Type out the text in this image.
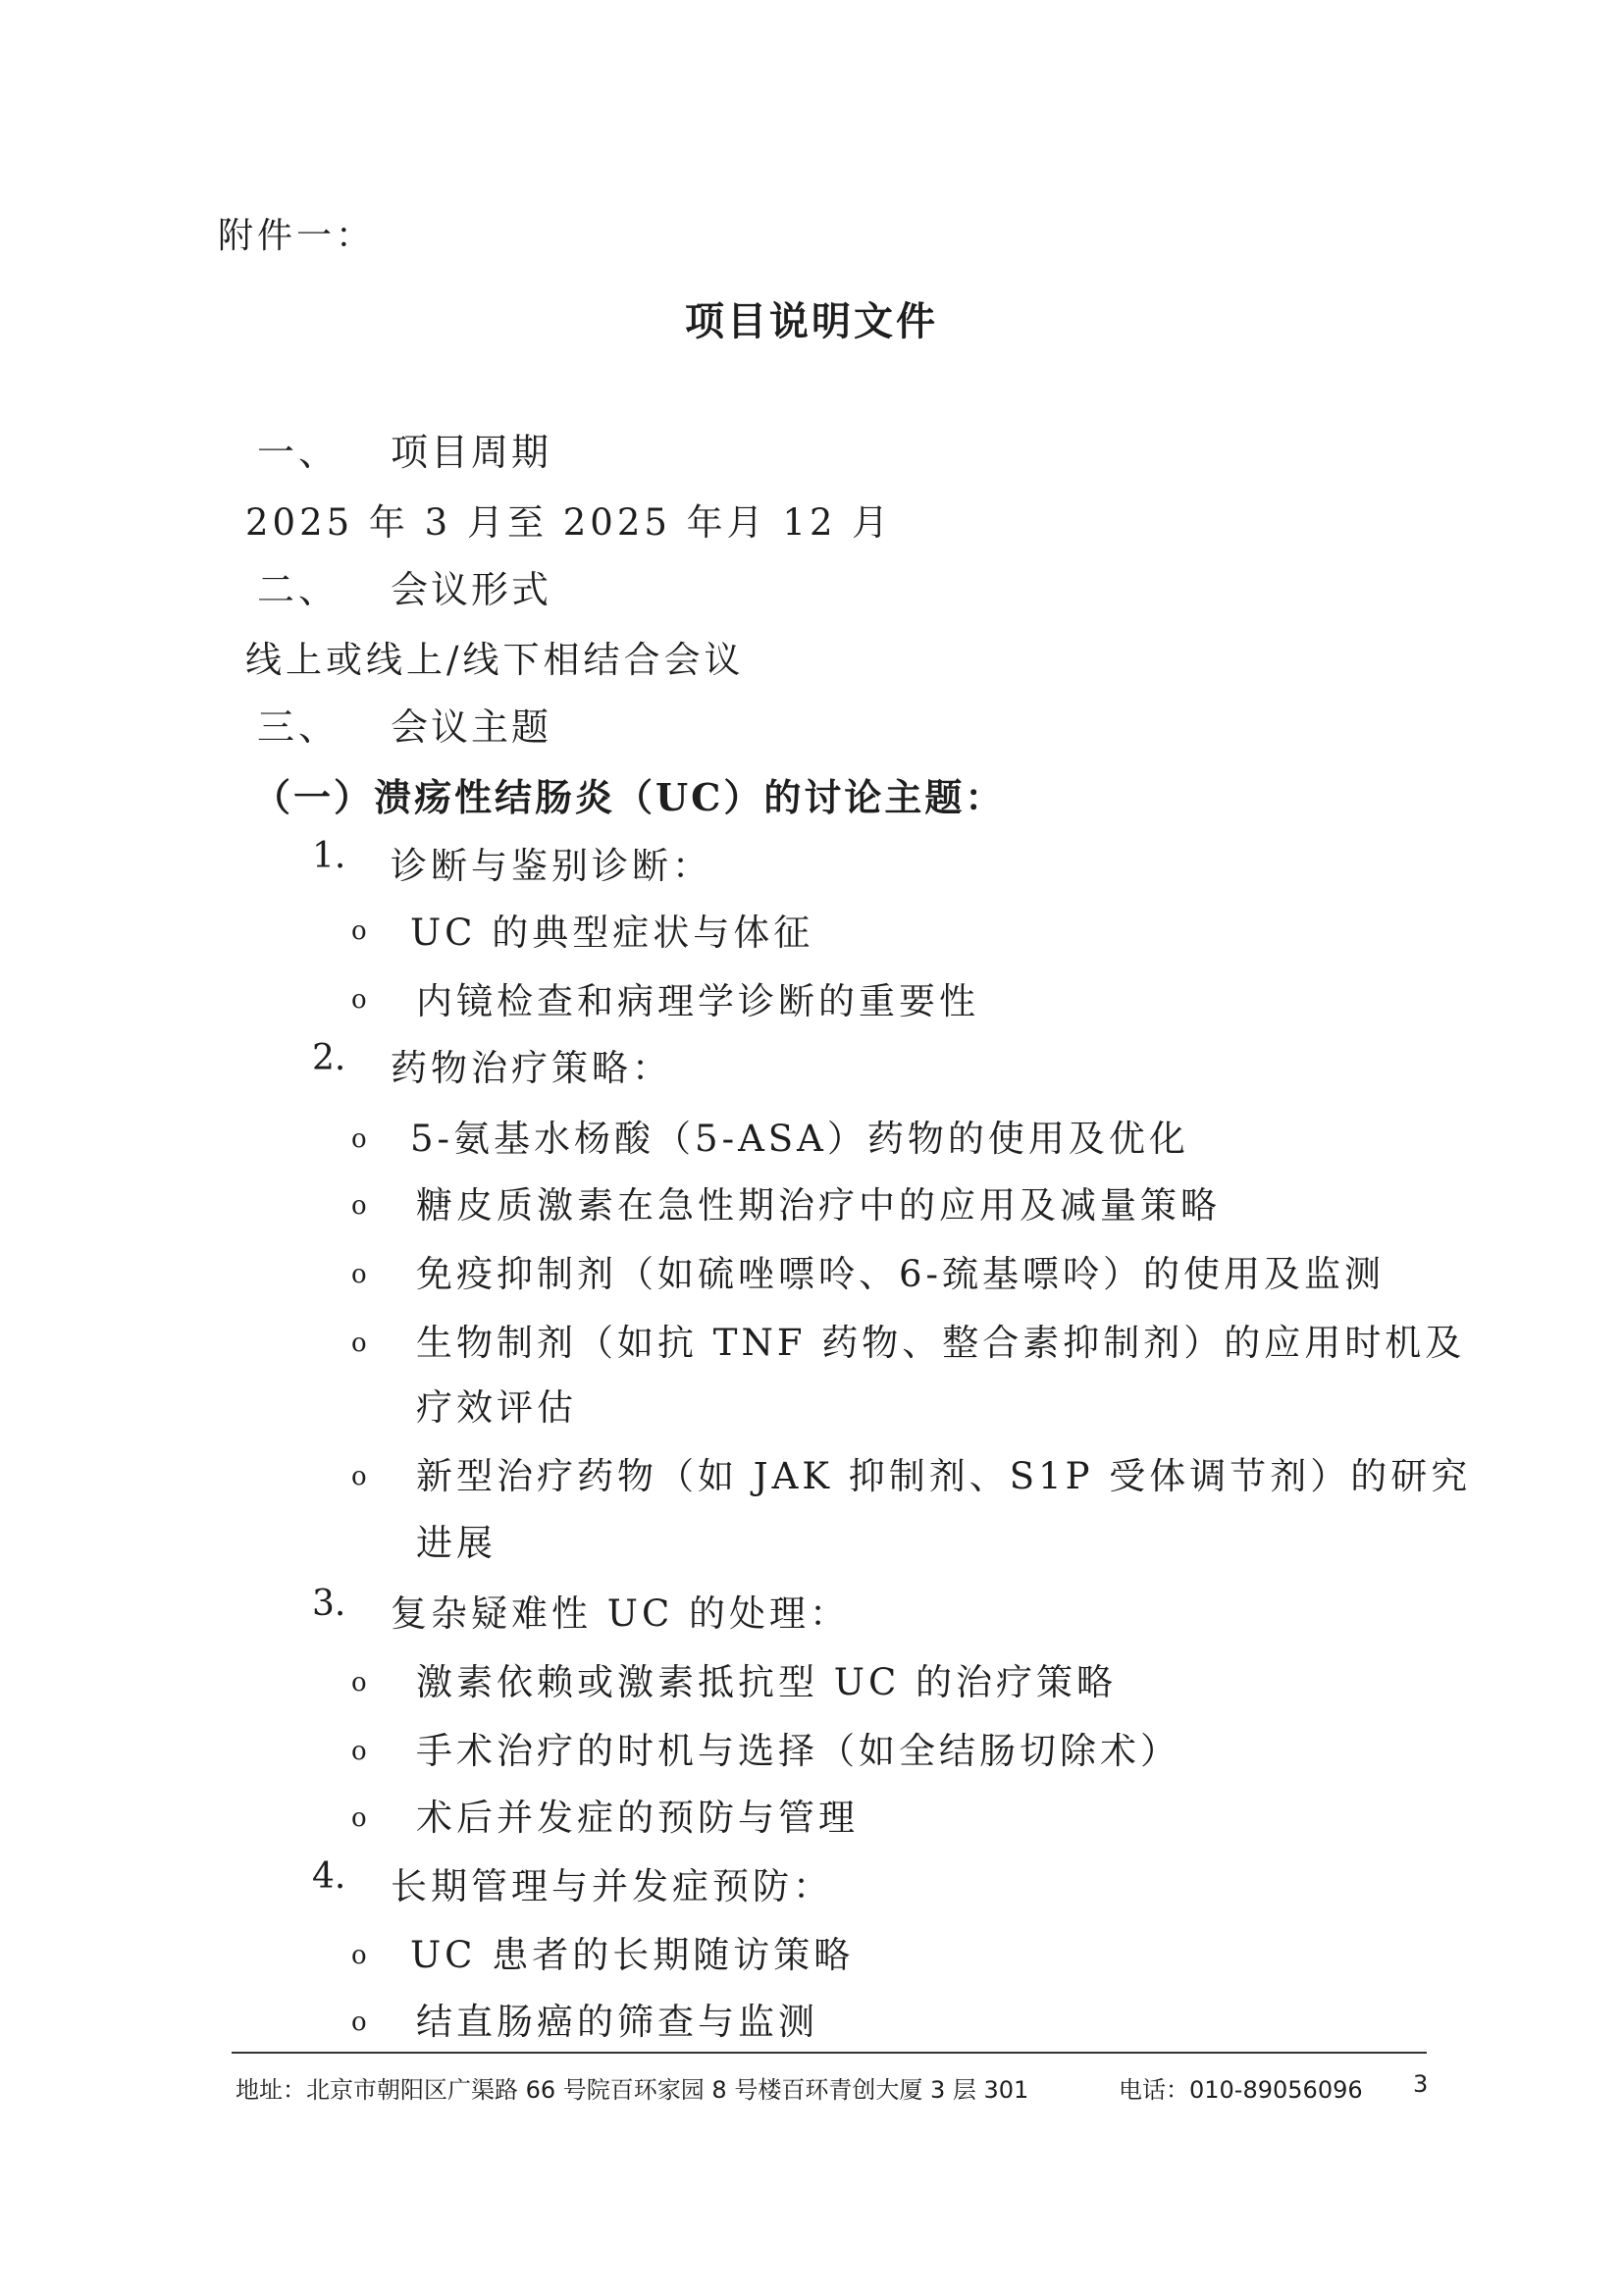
附件一：
项目说明文件
一、 项目周期
2025 年 3 月至 2025 年月 12 月
二、 会议形式
线上或线上/线下相结合会议
三、 会议主题
（一）溃疡性结肠炎（UC）的讨论主题：
1. 诊断与鉴别诊断：
o UC 的典型症状与体征
o 内镜检查和病理学诊断的重要性
2. 药物治疗策略：
o 5-氨基水杨酸（5-ASA）药物的使用及优化
o 糖皮质激素在急性期治疗中的应用及减量策略
o 免疫抑制剂（如硫唑嘌呤、6-巯基嘌呤）的使用及监测
o 生物制剂（如抗 TNF 药物、整合素抑制剂）的应用时机及
疗效评估
o 新型治疗药物（如 JAK 抑制剂、S1P 受体调节剂）的研究
进展
3. 复杂疑难性 UC 的处理：
o 激素依赖或激素抵抗型 UC 的治疗策略
o 手术治疗的时机与选择（如全结肠切除术）
o 术后并发症的预防与管理
4. 长期管理与并发症预防：
o UC 患者的长期随访策略
o 结直肠癌的筛查与监测
地址：北京市朝阳区广渠路 66 号院百环家园 8 号楼百环青创大厦 3 层 301	电话：010-89056096 3
